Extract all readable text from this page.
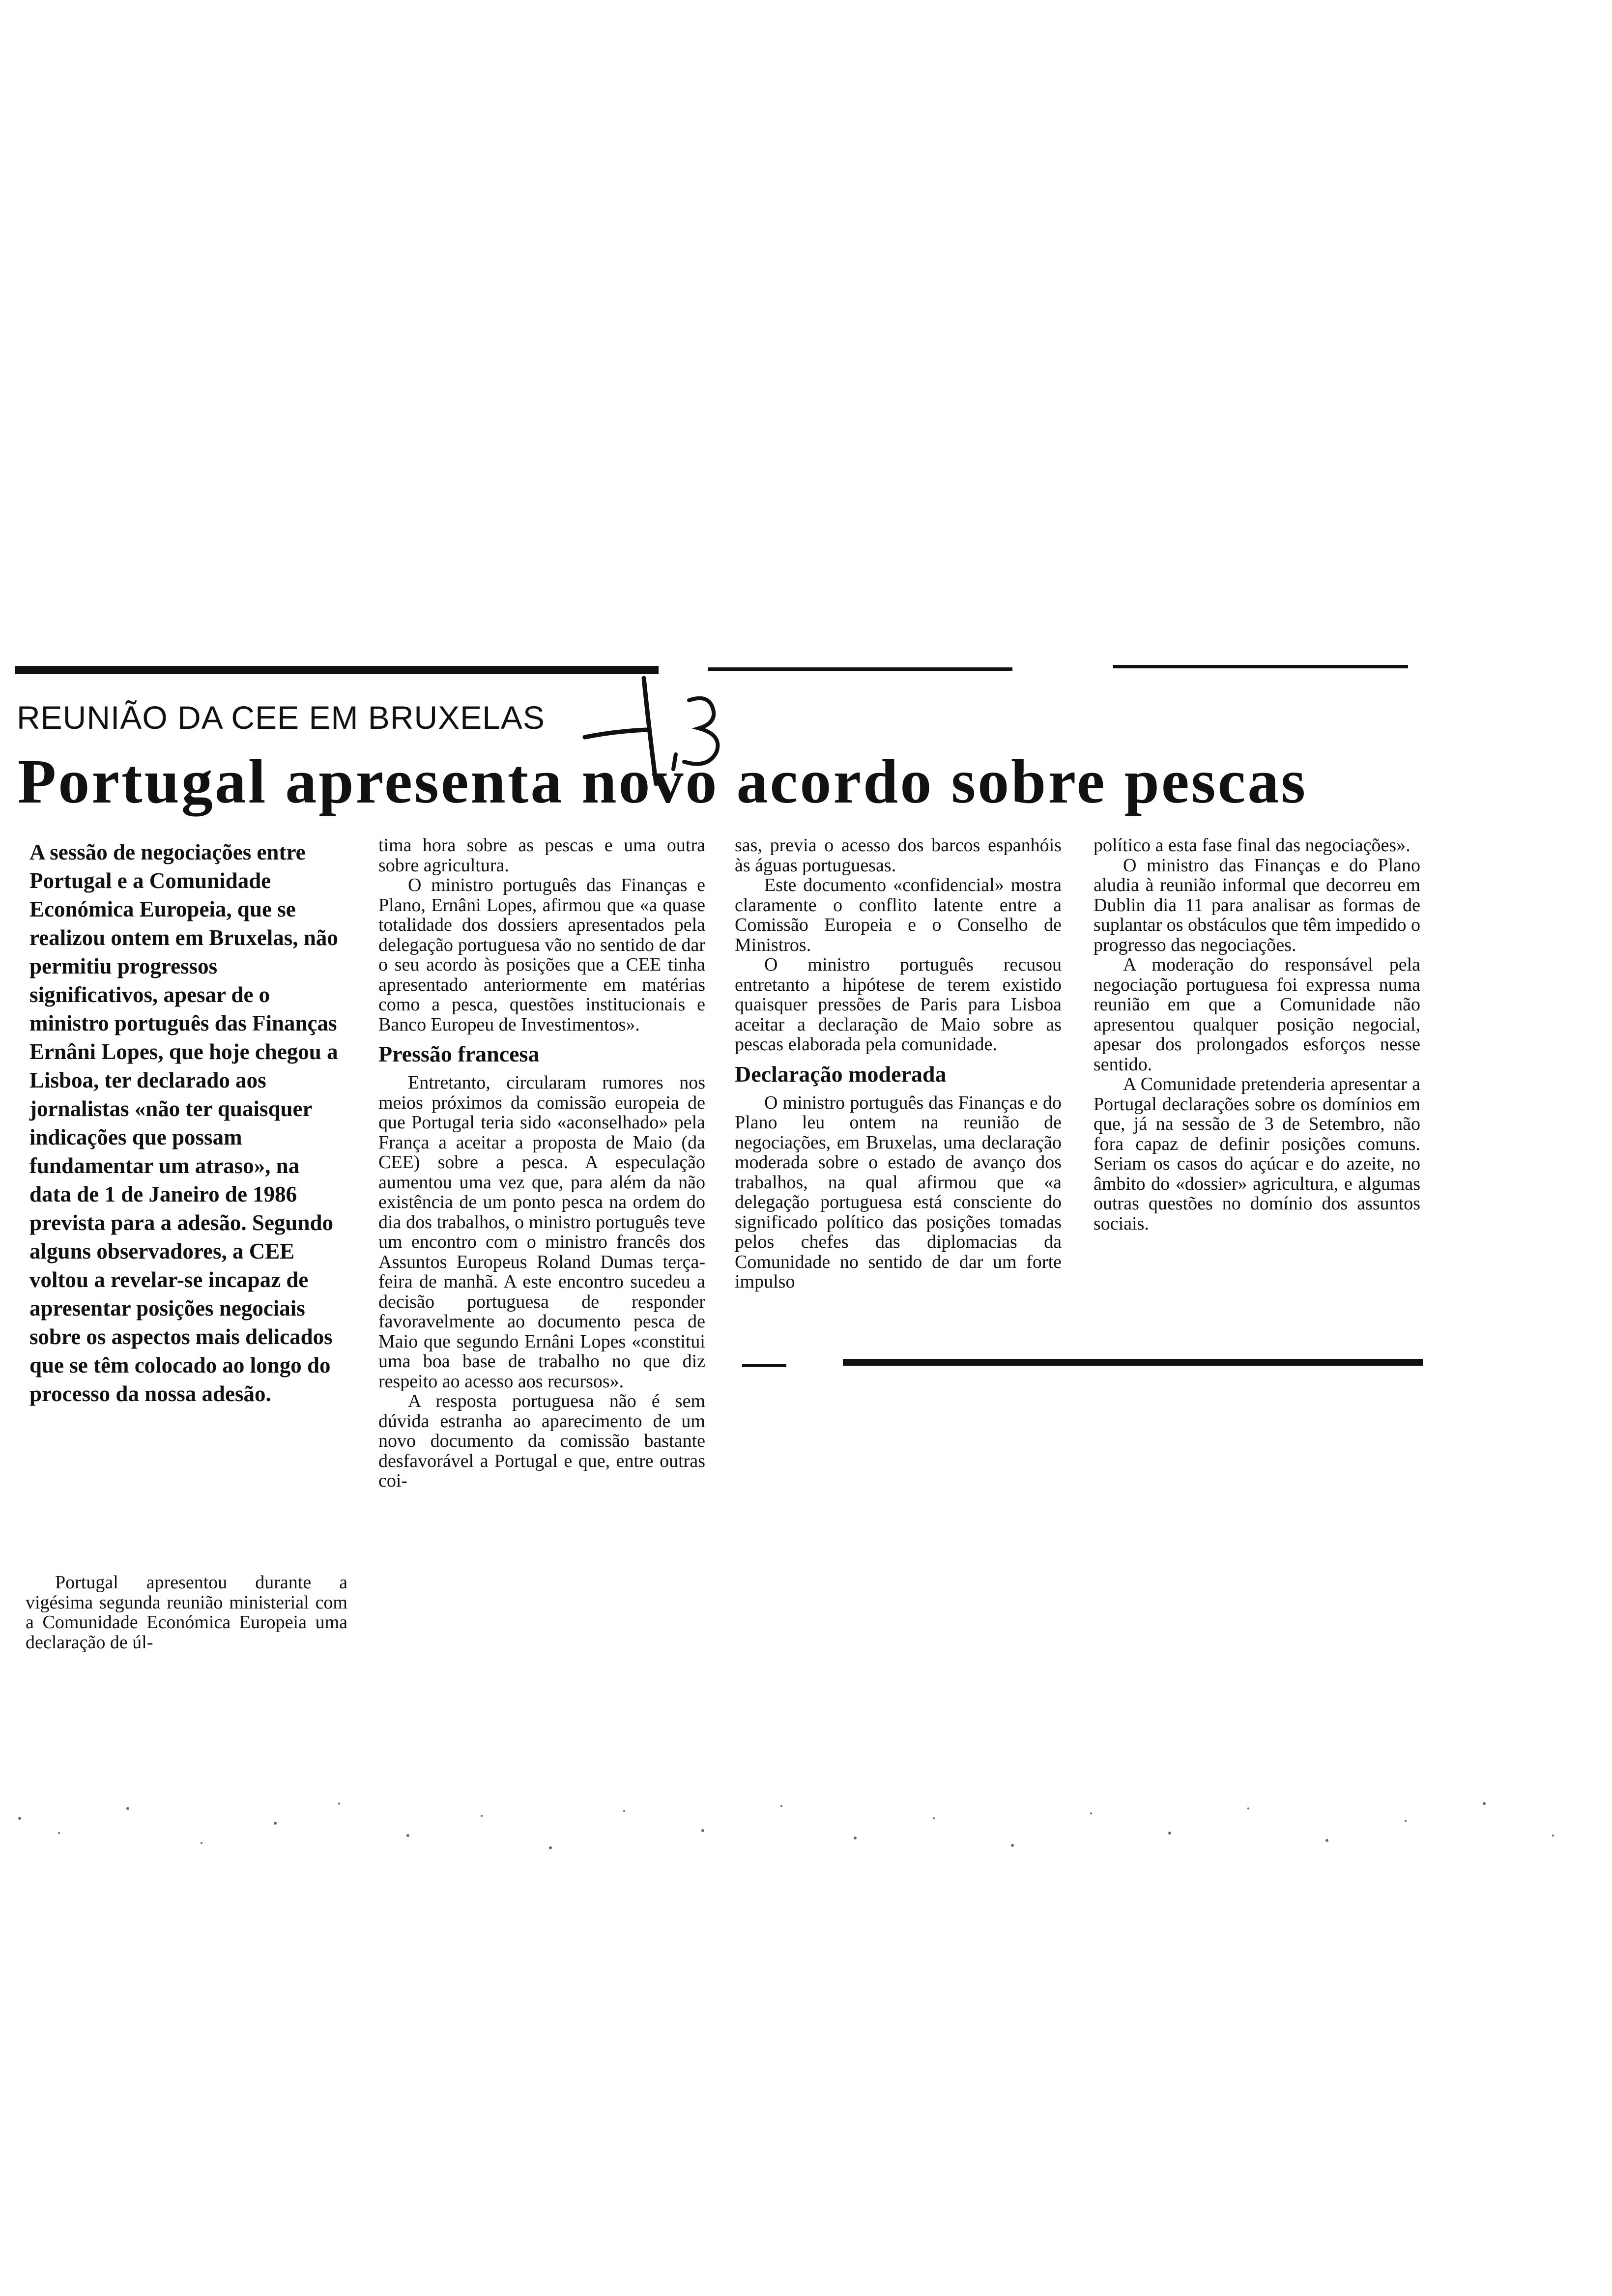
REUNIÃO DA CEE EM BRUXELAS
Portugal apresenta novo acordo sobre pescas
A sessão de negociações entre Portugal e a Comunidade Económica Europeia, que se realizou ontem em Bruxelas, não permitiu progressos significativos, apesar de o ministro português das Finanças Ernâni Lopes, que hoje chegou a Lisboa, ter declarado aos jornalistas «não ter quaisquer indicações que possam fundamentar um atraso», na data de 1 de Janeiro de 1986 prevista para a adesão. Segundo alguns observadores, a CEE voltou a revelar-se incapaz de apresentar posições negociais sobre os aspectos mais delicados que se têm colocado ao longo do processo da nossa adesão.

Portugal apresentou durante a vigésima segunda reunião ministerial com a Comunidade Económica Europeia uma declaração de úl-

tima hora sobre as pescas e uma outra sobre agricultura.

O ministro português das Finanças e Plano, Ernâni Lopes, afirmou que «a quase totalidade dos dossiers apresentados pela delegação portuguesa vão no sentido de dar o seu acordo às posições que a CEE tinha apresentado anteriormente em matérias como a pesca, questões institucionais e Banco Europeu de Investimentos».

Pressão francesa

Entretanto, circularam rumores nos meios próximos da comissão europeia de que Portugal teria sido «aconselhado» pela França a aceitar a proposta de Maio (da CEE) sobre a pesca. A especulação aumentou uma vez que, para além da não existência de um ponto pesca na ordem do dia dos trabalhos, o ministro português teve um encontro com o ministro francês dos Assuntos Europeus Roland Dumas terça-feira de manhã. A este encontro sucedeu a decisão portuguesa de responder favoravelmente ao documento pesca de Maio que segundo Ernâni Lopes «constitui uma boa base de trabalho no que diz respeito ao acesso aos recursos».

A resposta portuguesa não é sem dúvida estranha ao aparecimento de um novo documento da comissão bastante desfavorável a Portugal e que, entre outras coi-

sas, previa o acesso dos barcos espanhóis às águas portuguesas.

Este documento «confidencial» mostra claramente o conflito latente entre a Comissão Europeia e o Conselho de Ministros.

O ministro português recusou entretanto a hipótese de terem existido quaisquer pressões de Paris para Lisboa aceitar a declaração de Maio sobre as pescas elaborada pela comunidade.

Declaração moderada

O ministro português das Finanças e do Plano leu ontem na reunião de negociações, em Bruxelas, uma declaração moderada sobre o estado de avanço dos trabalhos, na qual afirmou que «a delegação portuguesa está consciente do significado político das posições tomadas pelos chefes das diplomacias da Comunidade no sentido de dar um forte impulso

político a esta fase final das negociações».

O ministro das Finanças e do Plano aludia à reunião informal que decorreu em Dublin dia 11 para analisar as formas de suplantar os obstáculos que têm impedido o progresso das negociações.

A moderação do responsável pela negociação portuguesa foi expressa numa reunião em que a Comunidade não apresentou qualquer posição negocial, apesar dos prolongados esforços nesse sentido.

A Comunidade pretenderia apresentar a Portugal declarações sobre os domínios em que, já na sessão de 3 de Setembro, não fora capaz de definir posições comuns. Seriam os casos do açúcar e do azeite, no âmbito do «dossier» agricultura, e algumas outras questões no domínio dos assuntos sociais.
